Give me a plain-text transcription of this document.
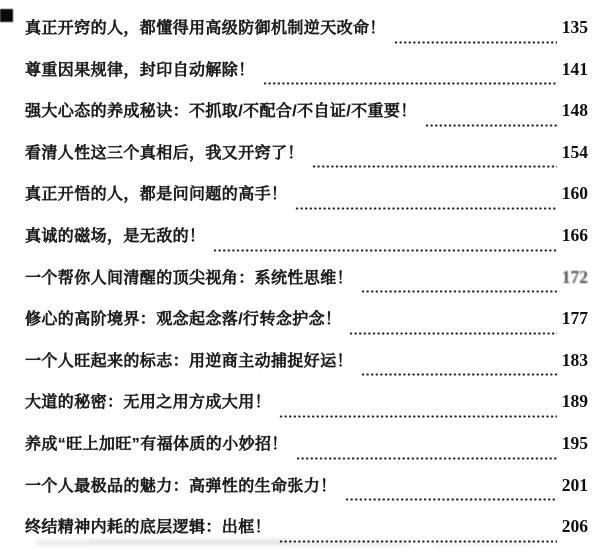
真正开窍的人，都懂得用高级防御机制逆天改命！	135
尊重因果规律，封印自动解除！	141
强大心态的养成秘诀：不抓取/不配合/不自证/不重要！	148
看清人性这三个真相后，我又开窍了！	154
真正开悟的人，都是问问题的高手！	160
真诚的磁场，是无敌的！	166
一个帮你人间清醒的顶尖视角：系统性思维！	172
修心的高阶境界：观念起念落/行转念护念！	177
一个人旺起来的标志：用逆商主动捕捉好运！	183
大道的秘密：无用之用方成大用！	189
养成“旺上加旺”有福体质的小妙招！	195
一个人最极品的魅力：高弹性的生命张力！	201
终结精神内耗的底层逻辑：出框！	206
